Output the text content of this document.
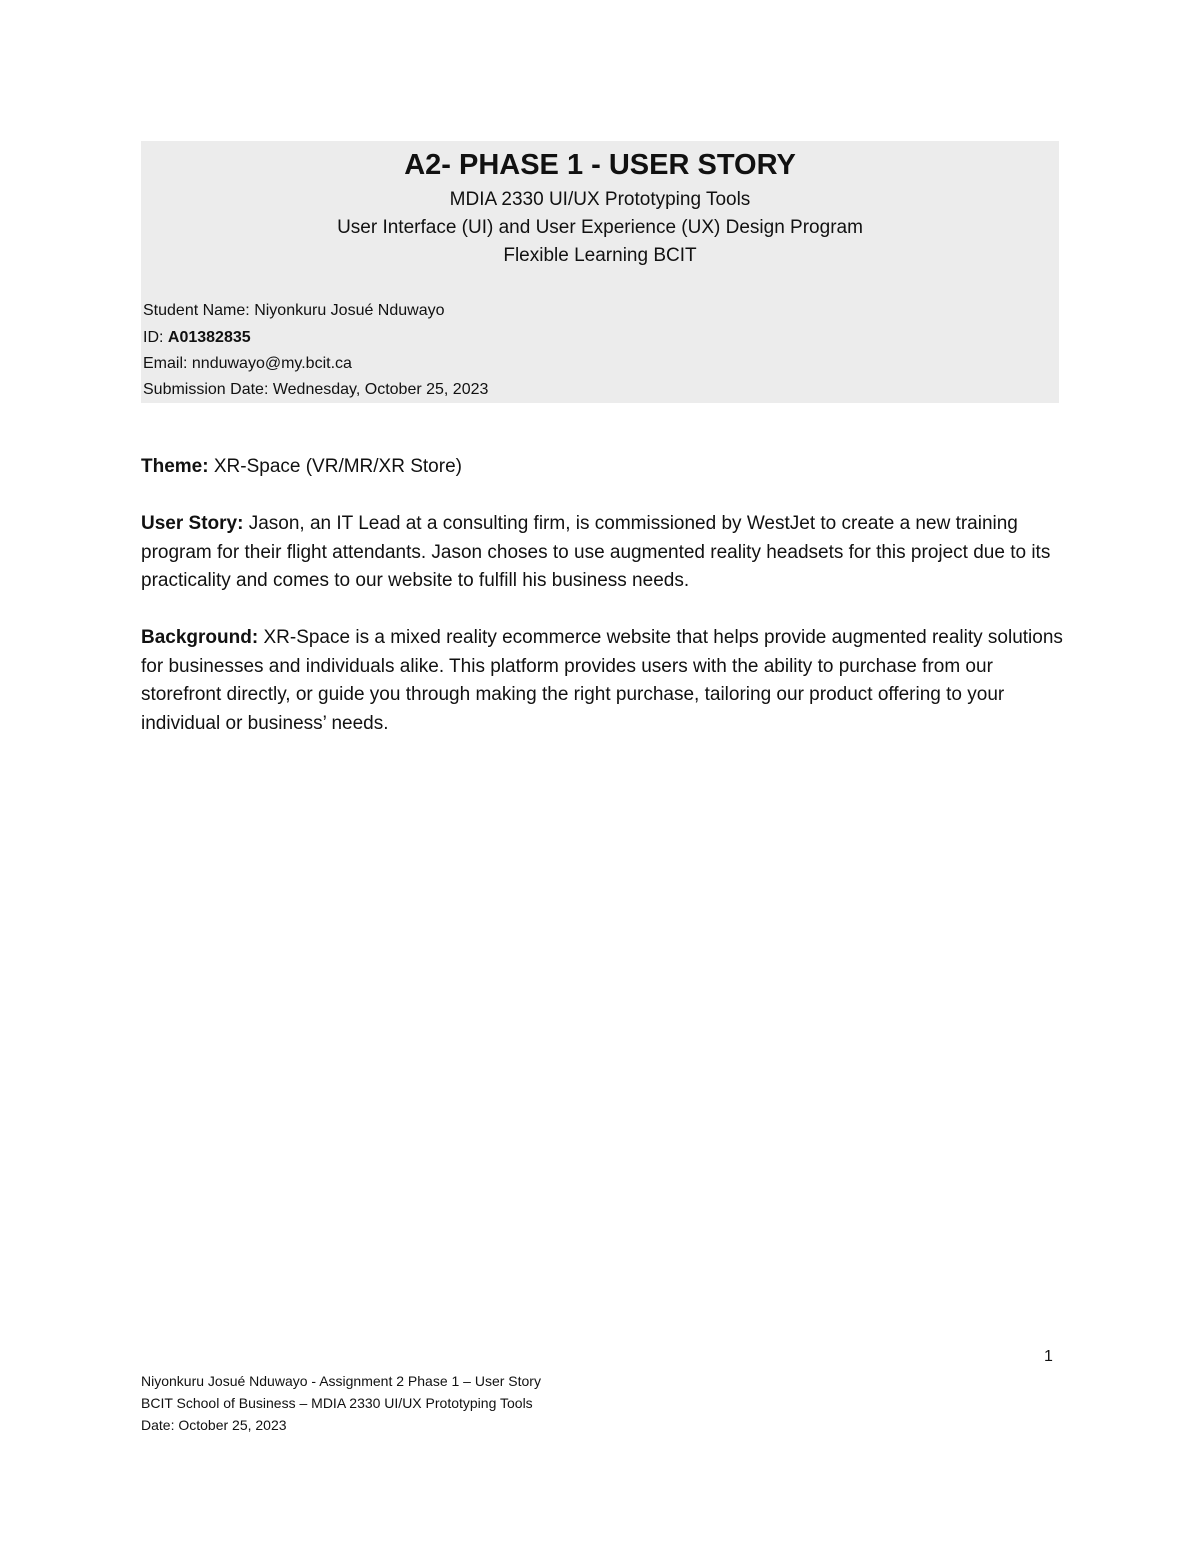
A2- PHASE 1 - USER STORY
MDIA 2330 UI/UX Prototyping Tools
User Interface (UI) and User Experience (UX) Design Program
Flexible Learning BCIT
Student Name: Niyonkuru Josué Nduwayo
ID: A01382835
Email: nnduwayo@my.bcit.ca
Submission Date: Wednesday, October 25, 2023

Theme: XR-Space (VR/MR/XR Store)

User Story: Jason, an IT Lead at a consulting firm, is commissioned by WestJet to create a new training program for their flight attendants. Jason choses to use augmented reality headsets for this project due to its practicality and comes to our website to fulfill his business needs.

Background: XR-Space is a mixed reality ecommerce website that helps provide augmented reality solutions for businesses and individuals alike. This platform provides users with the ability to purchase from our storefront directly, or guide you through making the right purchase, tailoring our product offering to your individual or business’ needs.

1
Niyonkuru Josué Nduwayo - Assignment 2 Phase 1 – User Story
BCIT School of Business – MDIA 2330 UI/UX Prototyping Tools
Date: October 25, 2023
